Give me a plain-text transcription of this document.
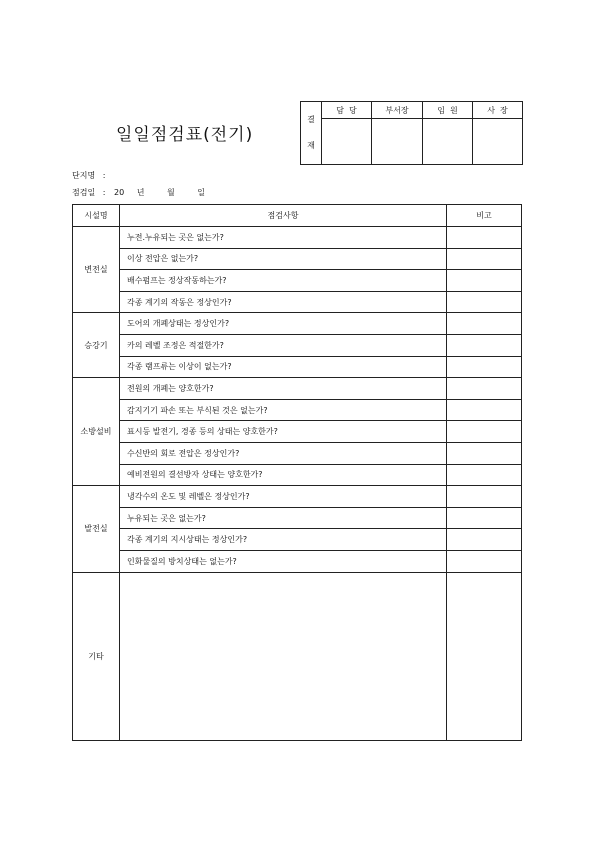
일일점검표(전기)
결
재	담  당	부서장	임  원	사  장

단지명 :
점검일 : 20 년	월	일
시설명	점검사항	비고
변전실	누전.누유되는 곳은 없는가?	
	이상 전압은 없는가?	
	배수펌프는 정상작동하는가?	
	각종 계기의 작동은 정상인가?	
승강기	도어의 개폐상태는 정상인가?	
	카의 레벨 조정은 적절한가?	
	각종 램프류는 이상이 없는가?	
소방설비	전원의 개폐는 양호한가?	
	감지기기 파손 또는 부식된 것은 없는가?	
	표시등 발전기, 경종 등의 상태는 양호한가?	
	수신반의 회로 전압은 정상인가?	
	예비전원의 결선방자 상태는 양호한가?	
발전실	냉각수의 온도 및 레벨은 정상인가?	
	누유되는 곳은 없는가?	
	각종 계기의 지시상태는 정상인가?	
	인화물질의 방치상태는 없는가?	
기타		
